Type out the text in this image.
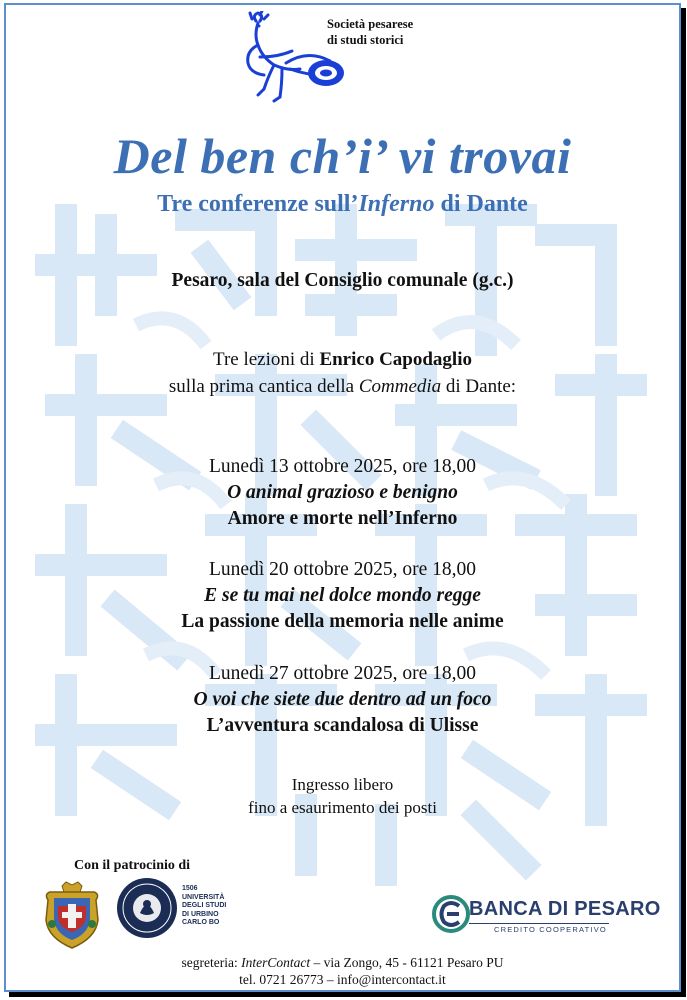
Società pesarese
di studi storici
Del ben ch’i’ vi trovai
Tre conferenze sull’Inferno di Dante
Pesaro, sala del Consiglio comunale (g.c.)
Tre lezioni di Enrico Capodaglio
sulla prima cantica della Commedia di Dante:
Lunedì 13 ottobre 2025, ore 18,00
O animal grazioso e benigno
Amore e morte nell’Inferno
Lunedì 20 ottobre 2025, ore 18,00
E se tu mai nel dolce mondo regge
La passione della memoria nelle anime
Lunedì 27 ottobre 2025, ore 18,00
O voi che siete due dentro ad un foco
L’avventura scandalosa di Ulisse
Ingresso libero
fino a esaurimento dei posti
Con il patrocinio di
1506
UNIVERSITÀ
DEGLI STUDI
DI URBINO
CARLO BO
BANCA DI PESARO
CREDITO COOPERATIVO
segreteria: InterContact – via Zongo, 45 - 61121 Pesaro PU
tel. 0721 26773 – info@intercontact.it
